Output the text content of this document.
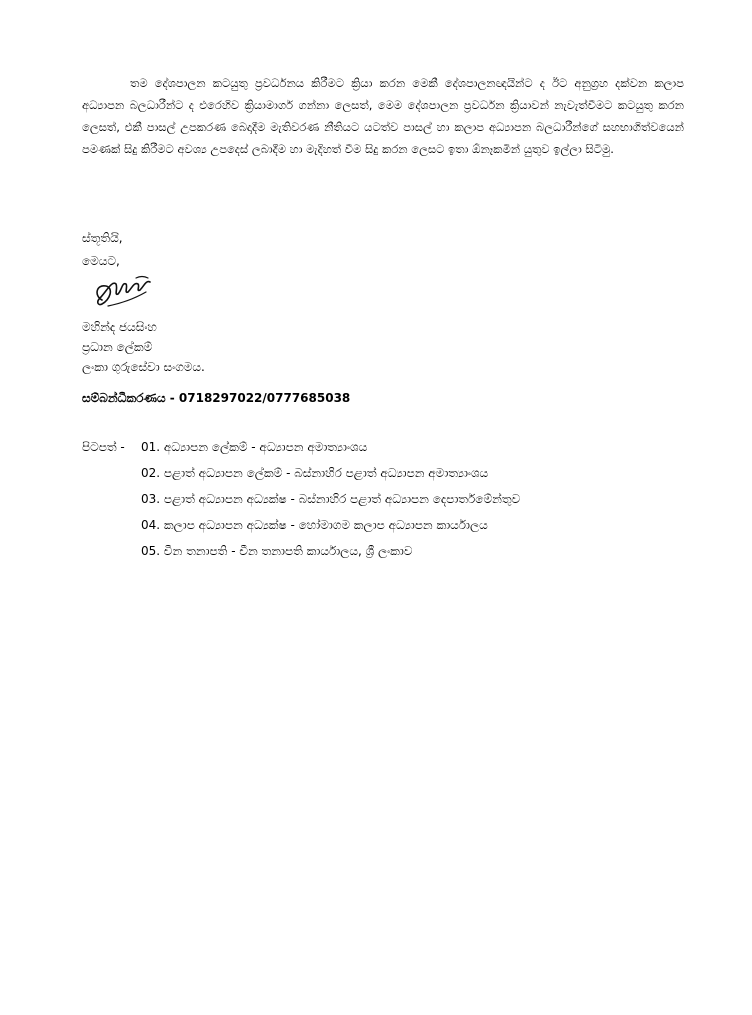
තම දේශපාලන කටයුතු ප්‍රවර්ධනය කිරීමට ක්‍රියා කරන මෙකී දේශපාලනඥයින්ට ද ඊට අනුග්‍රහ දක්වන කලාප අධ්‍යාපන බලධාරීන්ට ද එරෙහිව ක්‍රියාමාර්ග ගන්නා ලෙසත්, මෙම දේශපාලන ප්‍රවර්ධන ක්‍රියාවන් නැවැත්වීමට කටයුතු කරන ලෙසත්, එකී පාසල් උපකරණ බෙදාදීම මැතිවරණ නීතියට යටත්ව පාසල් හා කලාප අධ්‍යාපන බලධාරීන්ගේ සහභාගිත්වයෙන් පමණක් සිදු කිරීමට අවශ්‍ය උපදෙස් ලබාදීම හා මැදිහත් වීම සිදු කරන ලෙසට ඉතා ඕනෑකමින් යුතුව ඉල්ලා සිටිමු.

ස්තූතියි,
මෙයට,
මහින්ද ජයසිංහ
ප්‍රධාන ලේකම්
ලංකා ගුරුසේවා සංගමය.
සම්බන්ධීකරණය - 0718297022/0777685038
පිටපත් - 01. අධ්‍යාපන ලේකම් - අධ්‍යාපන අමාත්‍යාංශය
02. පළාත් අධ්‍යාපන ලේකම් - බස්නාහිර පළාත් අධ්‍යාපන අමාත්‍යාංශය
03. පළාත් අධ්‍යාපන අධ්‍යක්ෂ - බස්නාහිර පළාත් අධ්‍යාපන දෙපාර්තමේන්තුව
04. කලාප අධ්‍යාපන අධ්‍යක්ෂ - හෝමාගම කලාප අධ්‍යාපන කාර්යාලය
05. චීන තනාපති - චීන තනාපති කාර්යාලය, ශ්‍රී ලංකාව
